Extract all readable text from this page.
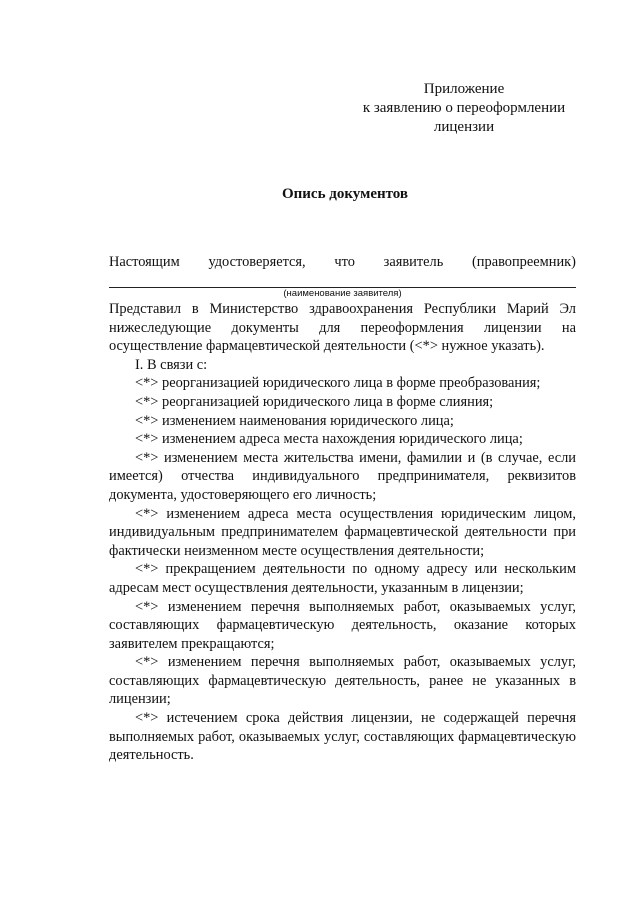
Приложение
к заявлению о переоформлении
лицензии
Опись документов
Настоящим удостоверяется, что заявитель (правопреемник)
(наименование заявителя)

Представил в Министерство здравоохранения Республики Марий Эл нижеследующие документы для переоформления лицензии на осуществление фармацевтической деятельности (<*> нужное указать).

I. В связи с:

<*> реорганизацией юридического лица в форме преобразования;

<*> реорганизацией юридического лица в форме слияния;

<*> изменением наименования юридического лица;

<*> изменением адреса места нахождения юридического лица;

<*> изменением места жительства имени, фамилии и (в случае, если имеется) отчества индивидуального предпринимателя, реквизитов документа, удостоверяющего его личность;

<*> изменением адреса места осуществления юридическим лицом, индивидуальным предпринимателем фармацевтической деятельности при фактически неизменном месте осуществления деятельности;

<*> прекращением деятельности по одному адресу или нескольким адресам мест осуществления деятельности, указанным в лицензии;

<*> изменением перечня выполняемых работ, оказываемых услуг, составляющих фармацевтическую деятельность, оказание которых заявителем прекращаются;

<*> изменением перечня выполняемых работ, оказываемых услуг, составляющих фармацевтическую деятельность, ранее не указанных в лицензии;

<*> истечением срока действия лицензии, не содержащей перечня выполняемых работ, оказываемых услуг, составляющих фармацевтическую деятельность.
